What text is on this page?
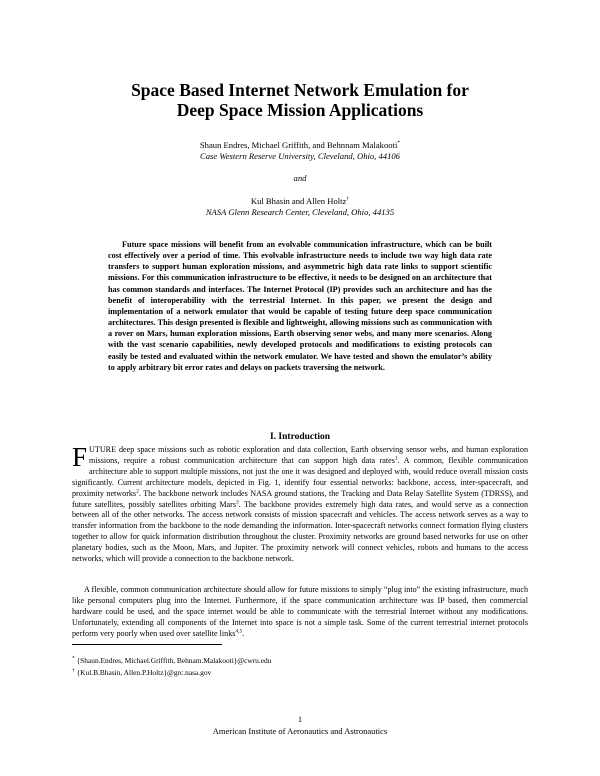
Space Based Internet Network Emulation for
Deep Space Mission Applications
Shaun Endres, Michael Griffith, and Behnnam Malakooti*
Case Western Reserve University, Cleveland, Ohio, 44106
and
Kul Bhasin and Allen Holtz†
NASA Glenn Research Center, Cleveland, Ohio, 44135
Future space missions will benefit from an evolvable communication infrastructure, which can be built cost effectively over a period of time. This evolvable infrastructure needs to include two way high data rate transfers to support human exploration missions, and asymmetric high data rate links to support scientific missions. For this communication infrastructure to be effective, it needs to be designed on an architecture that has common standards and interfaces. The Internet Protocol (IP) provides such an architecture and has the benefit of interoperability with the terrestrial Internet. In this paper, we present the design and implementation of a network emulator that would be capable of testing future deep space communication architectures. This design presented is flexible and lightweight, allowing missions such as communication with a rover on Mars, human exploration missions, Earth observing senor webs, and many more scenarios. Along with the vast scenario capabilities, newly developed protocols and modifications to existing protocols can easily be tested and evaluated within the network emulator. We have tested and shown the emulator’s ability to apply arbitrary bit error rates and delays on packets traversing the network.
I. Introduction
FUTURE deep space missions such as robotic exploration and data collection, Earth observing sensor webs, and human exploration missions, require a robust communication architecture that can support high data rates$^1$. A common, flexible communication architecture able to support multiple missions, not just the one it was designed and deployed with, would reduce overall mission costs significantly. Current architecture models, depicted in Fig. 1, identify four essential networks: backbone, access, inter-spacecraft, and proximity networks$^2$. The backbone network includes NASA ground stations, the Tracking and Data Relay Satellite System (TDRSS), and future satellites, possibly satellites orbiting Mars$^3$. The backbone provides extremely high data rates, and would serve as a connection between all of the other networks. The access network consists of mission spacecraft and vehicles. The access network serves as a way to transfer information from the backbone to the node demanding the information. Inter-spacecraft networks connect formation flying clusters together to allow for quick information distribution throughout the cluster. Proximity networks are ground based networks for use on other planetary bodies, such as the Moon, Mars, and Jupiter. The proximity network will connect vehicles, robots and humans to the access networks, which will provide a connection to the backbone network.
A flexible, common communication architecture should allow for future missions to simply “plug into” the existing infrastructure, much like personal computers plug into the Internet. Furthermore, if the space communication architecture was IP based, then commercial hardware could be used, and the space internet would be able to communicate with the terrestrial Internet without any modifications. Unfortunately, extending all components of the Internet into space is not a simple task. Some of the current terrestrial internet protocols perform very poorly when used over satellite links$^{4,5}$.
* {Shaun.Endres, Michael.Griffith, Behnam.Malakooti}@cwru.edu
† {Kul.B.Bhasin, Allen.P.Holtz}@grc.nasa.gov
1
American Institute of Aeronautics and Astronautics
